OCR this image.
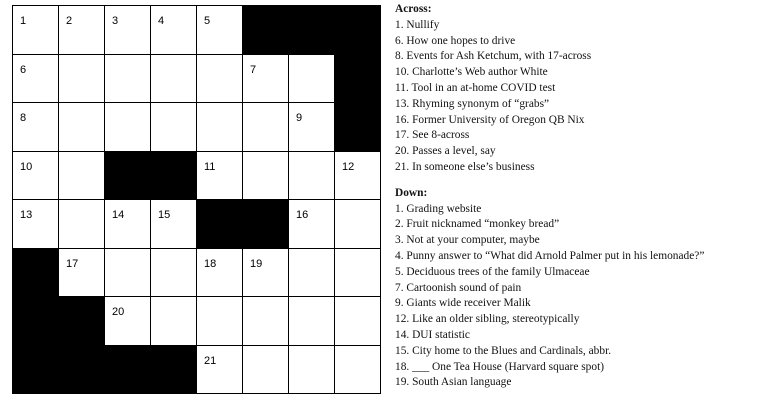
1	2	3	4	5
6	7
8	9
10	11	12
13	14	15	16
17	18	19
20
21
Across:
1. Nullify
6. How one hopes to drive
8. Events for Ash Ketchum, with 17-across
10. Charlotte’s Web author White
11. Tool in an at-home COVID test
13. Rhyming synonym of “grabs”
16. Former University of Oregon QB Nix
17. See 8-across
20. Passes a level, say
21. In someone else’s business
Down:
1. Grading website
2. Fruit nicknamed “monkey bread”
3. Not at your computer, maybe
4. Punny answer to “What did Arnold Palmer put in his lemonade?”
5. Deciduous trees of the family Ulmaceae
7. Cartoonish sound of pain
9. Giants wide receiver Malik
12. Like an older sibling, stereotypically
14. DUI statistic
15. City home to the Blues and Cardinals, abbr.
18. ___ One Tea House (Harvard square spot)
19. South Asian language
